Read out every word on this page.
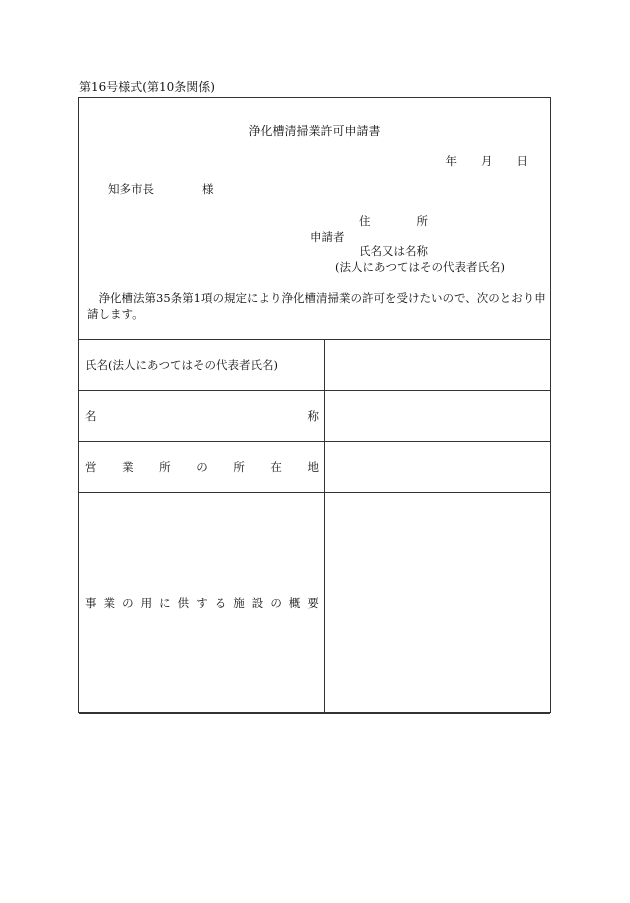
第16号様式(第10条関係)
浄化槽清掃業許可申請書
年 月 日
知多市長	様
住	所
申請者
氏名又は名称
(法人にあつてはその代表者氏名)
浄化槽法第35条第1項の規定により浄化槽清掃業の許可を受けたいので、次のとおり申請します。
氏名(法人にあつてはその代表者氏名)
名	称
営 業 所 の 所 在 地
事 業 の 用 に 供 す る 施 設 の 概 要
